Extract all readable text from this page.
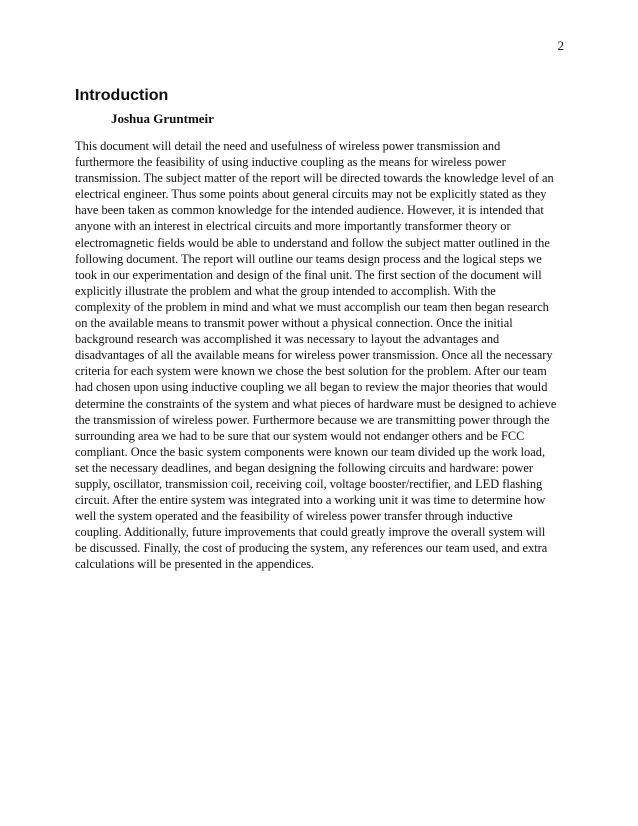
2
Introduction
Joshua Gruntmeir

This document will detail the need and usefulness of wireless power transmission and
furthermore the feasibility of using inductive coupling as the means for wireless power
transmission. The subject matter of the report will be directed towards the knowledge level of an
electrical engineer. Thus some points about general circuits may not be explicitly stated as they
have been taken as common knowledge for the intended audience. However, it is intended that
anyone with an interest in electrical circuits and more importantly transformer theory or
electromagnetic fields would be able to understand and follow the subject matter outlined in the
following document. The report will outline our teams design process and the logical steps we
took in our experimentation and design of the final unit. The first section of the document will
explicitly illustrate the problem and what the group intended to accomplish. With the
complexity of the problem in mind and what we must accomplish our team then began research
on the available means to transmit power without a physical connection. Once the initial
background research was accomplished it was necessary to layout the advantages and
disadvantages of all the available means for wireless power transmission. Once all the necessary
criteria for each system were known we chose the best solution for the problem. After our team
had chosen upon using inductive coupling we all began to review the major theories that would
determine the constraints of the system and what pieces of hardware must be designed to achieve
the transmission of wireless power. Furthermore because we are transmitting power through the
surrounding area we had to be sure that our system would not endanger others and be FCC
compliant. Once the basic system components were known our team divided up the work load,
set the necessary deadlines, and began designing the following circuits and hardware: power
supply, oscillator, transmission coil, receiving coil, voltage booster/rectifier, and LED flashing
circuit. After the entire system was integrated into a working unit it was time to determine how
well the system operated and the feasibility of wireless power transfer through inductive
coupling. Additionally, future improvements that could greatly improve the overall system will
be discussed. Finally, the cost of producing the system, any references our team used, and extra
calculations will be presented in the appendices.
